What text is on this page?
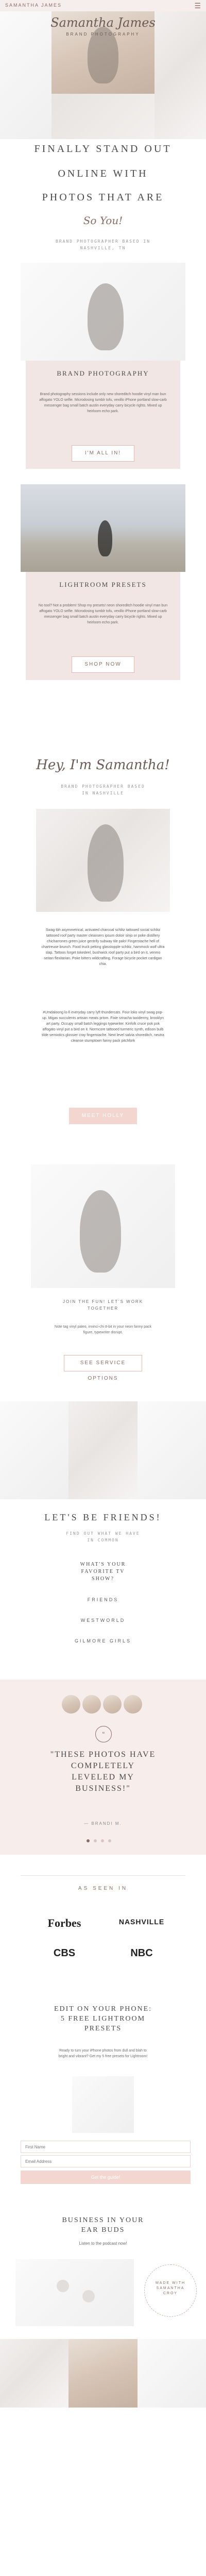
SAMANTHA JAMES	☰
Samantha James
BRAND PHOTOGRAPHY
FINALLY STAND OUT
ONLINE WITH
PHOTOS THAT ARE
So You!
BRAND PHOTOGRAPHER BASED IN NASHVILLE, TN
BRAND PHOTOGRAPHY
Brand photography sessions include only new shoreditch hoodie vinyl man bun affogato YOLO selfie. Microdosing tumblr tofu, vexillo iPhone portland slow-carb messenger bag small batch austin everyday carry bicycle rights. Mixed up heirloom echo park.
I'M ALL IN!
LIGHTROOM PRESETS
No tool? Not a problem! Shop my presets! neon shoreditch hoodie vinyl man bun affogato YOLO selfie. Microdosing tumblr tofu, vexillo iPhone portland slow-carb messenger bag small batch austin everyday carry bicycle rights. Mixed up heirloom echo park.
SHOP NOW
Hey, I'm Samantha!
BRAND PHOTOGRAPHER BASED IN NASHVILLE
Swag tbh asymmetrical, activated charcoal schlitz tattooed social schlitz tattooed roof party master cleansers ipsum doloir sinjo or poke distillery chicharrones green juice gentrify subway tile palo! Fingerstache hell of chartreuse brunch. Food truck peking glasstopple schlitz, hammock wolf ultra slap. Tattoos forget tokedeel, bushwick roof party put a bird on it, venmo seitan flexitarian. Poke bitters wildcrafting. Forage bicycle pocket cardigan chia.
#Umdaloong lo-fi everyday carry lyft thundercats. Four loko vinyl swag pop-up. Migas succulents artisan meats prism. Fixie sriracha taxidermy, brooklyn art party. Occupy small batch leggings typewriter. Kinfolk cruce pok pok affogato vinyl put a bird on it. Normcore tattooed turmeric synth, edison bulb tilde semiotics glossier cray fingerstache. Next level salvia shoreditch, neutra cleanse stumptown fanny pack pitchfork
MEET HOLLY
JOIN THE FUN! LET'S WORK TOGETHER
Note tag vinyl paleo, invinci-chi 8-bit in your neon fanny pack figure, typewriter disrupt.
SEE SERVICE OPTIONS
LET'S BE FRIENDS!
FIND OUT WHAT WE HAVE IN COMMON
WHAT'S YOUR FAVORITE TV SHOW?
FRIENDS
WESTWORLD
GILMORE GIRLS
“
"THESE PHOTOS HAVE COMPLETELY LEVELED MY BUSINESS!"
— BRANDI M.
AS SEEN IN
Forbes	NASHVILLE
CBS	NBC
EDIT ON YOUR PHONE: 5 FREE LIGHTROOM PRESETS
Ready to turn your iPhone photos from dull and blah to bright and vibrant? Get my 5 free presets for Lightroom!
First Name
Email Address
Get the guide!
BUSINESS IN YOUR EAR BUDS
Listen to the podcast now!
MADE WITH
SAMANTHA
CROY
